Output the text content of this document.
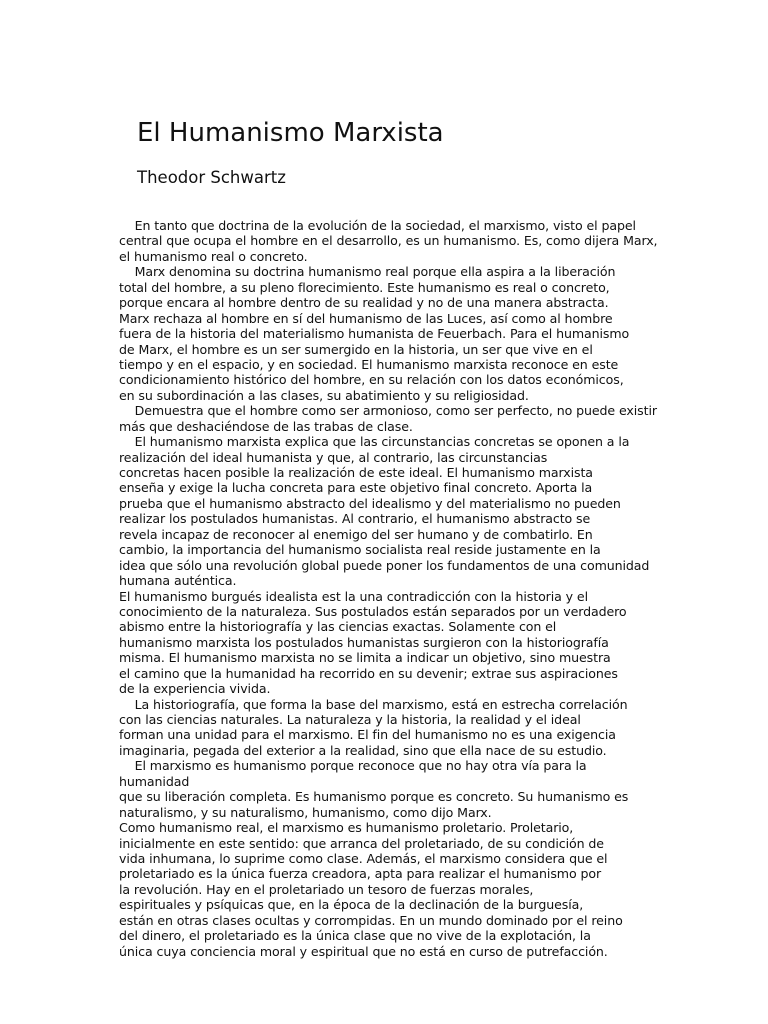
El Humanismo Marxista
Theodor Schwartz
En tanto que doctrina de la evolución de la sociedad, el marxismo, visto el papel
central que ocupa el hombre en el desarrollo, es un humanismo. Es, como dijera Marx,
el humanismo real o concreto.
Marx denomina su doctrina humanismo real porque ella aspira a la liberación
total del hombre, a su pleno florecimiento. Este humanismo es real o concreto,
porque encara al hombre dentro de su realidad y no de una manera abstracta.
Marx rechaza al hombre en sí del humanismo de las Luces, así como al hombre
fuera de la historia del materialismo humanista de Feuerbach. Para el humanismo
de Marx, el hombre es un ser sumergido en la historia, un ser que vive en el
tiempo y en el espacio, y en sociedad. El humanismo marxista reconoce en este
condicionamiento histórico del hombre, en su relación con los datos económicos,
en su subordinación a las clases, su abatimiento y su religiosidad.
Demuestra que el hombre como ser armonioso, como ser perfecto, no puede existir
más que deshaciéndose de las trabas de clase.
El humanismo marxista explica que las circunstancias concretas se oponen a la
realización del ideal humanista y que, al contrario, las circunstancias
concretas hacen posible la realización de este ideal. El humanismo marxista
enseña y exige la lucha concreta para este objetivo final concreto. Aporta la
prueba que el humanismo abstracto del idealismo y del materialismo no pueden
realizar los postulados humanistas. Al contrario, el humanismo abstracto se
revela incapaz de reconocer al enemigo del ser humano y de combatirlo. En
cambio, la importancia del humanismo socialista real reside justamente en la
idea que sólo una revolución global puede poner los fundamentos de una comunidad
humana auténtica.
El humanismo burgués idealista est la una contradicción con la historia y el
conocimiento de la naturaleza. Sus postulados están separados por un verdadero
abismo entre la historiografía y las ciencias exactas. Solamente con el
humanismo marxista los postulados humanistas surgieron con la historiografía
misma. El humanismo marxista no se limita a indicar un objetivo, sino muestra
el camino que la humanidad ha recorrido en su devenir; extrae sus aspiraciones
de la experiencia vivida.
La historiografía, que forma la base del marxismo, está en estrecha correlación
con las ciencias naturales. La naturaleza y la historia, la realidad y el ideal
forman una unidad para el marxismo. El fin del humanismo no es una exigencia
imaginaria, pegada del exterior a la realidad, sino que ella nace de su estudio.
El marxismo es humanismo porque reconoce que no hay otra vía para la
humanidad
que su liberación completa. Es humanismo porque es concreto. Su humanismo es
naturalismo, y su naturalismo, humanismo, como dijo Marx.
Como humanismo real, el marxismo es humanismo proletario. Proletario,
inicialmente en este sentido: que arranca del proletariado, de su condición de
vida inhumana, lo suprime como clase. Además, el marxismo considera que el
proletariado es la única fuerza creadora, apta para realizar el humanismo por
la revolución. Hay en el proletariado un tesoro de fuerzas morales,
espirituales y psíquicas que, en la época de la declinación de la burguesía,
están en otras clases ocultas y corrompidas. En un mundo dominado por el reino
del dinero, el proletariado es la única clase que no vive de la explotación, la
única cuya conciencia moral y espiritual que no está en curso de putrefacción.
